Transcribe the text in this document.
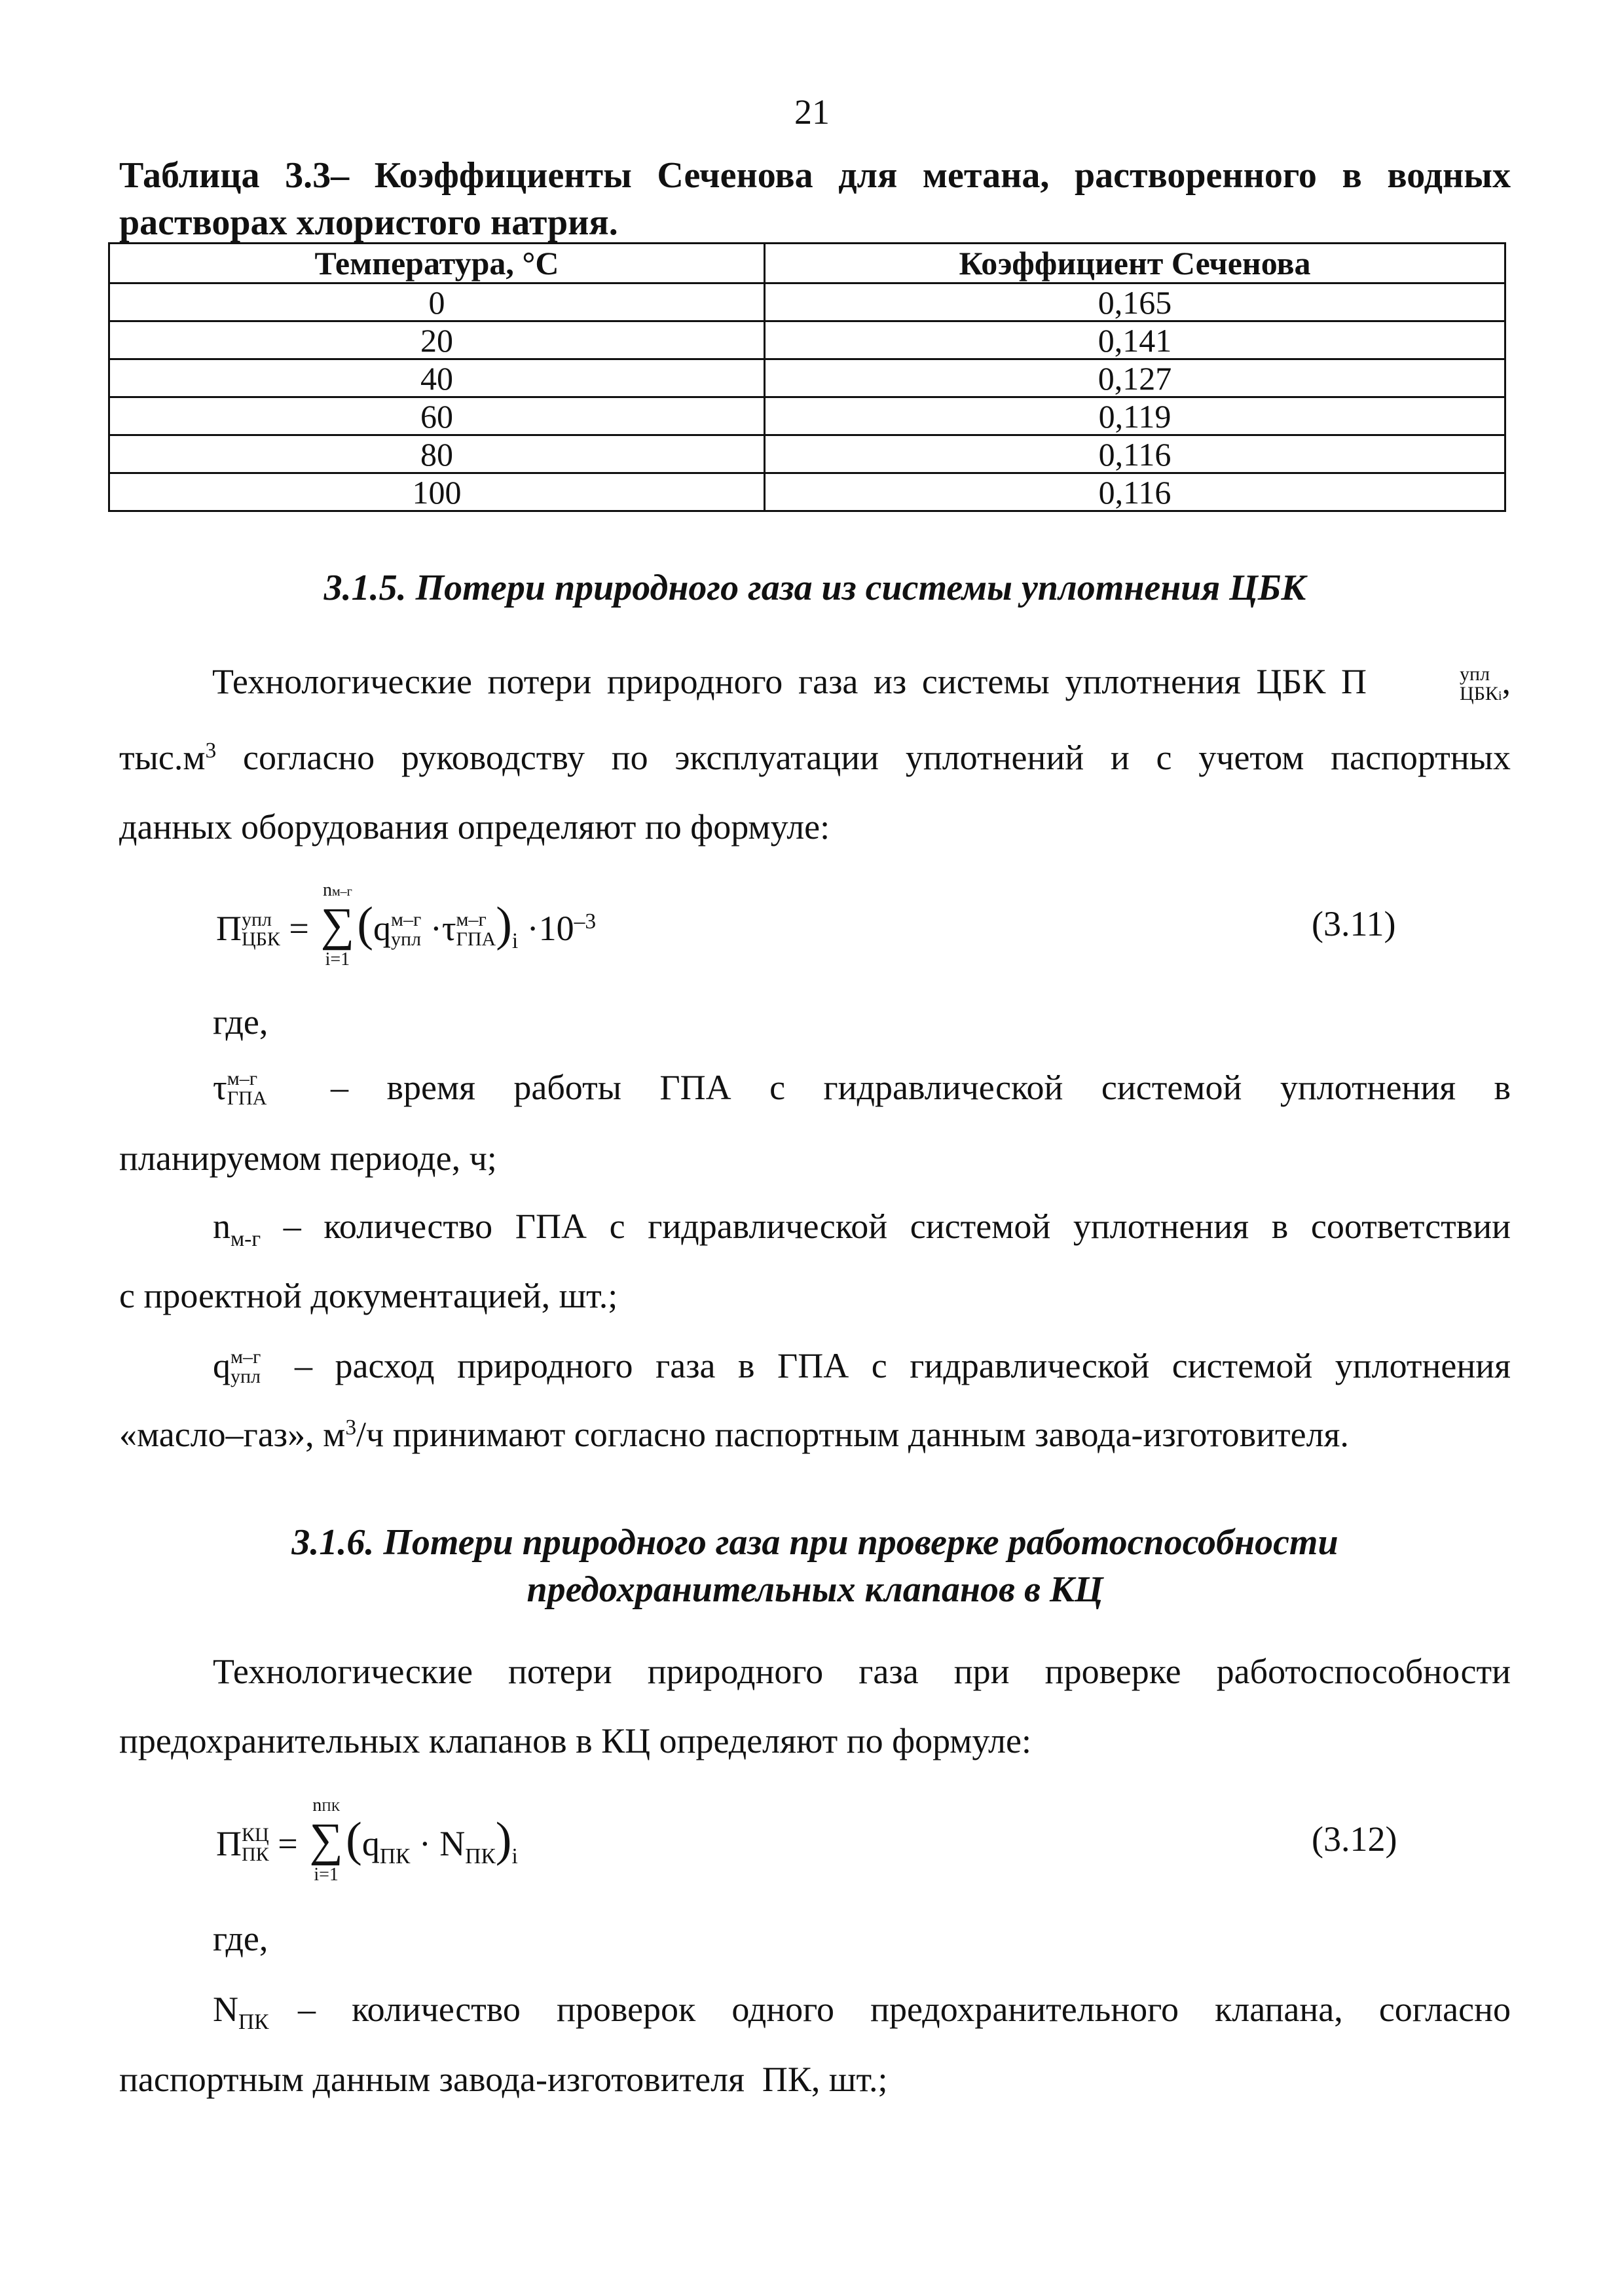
21
Таблица 3.3– Коэффициенты Сеченова для метана, растворенного в водных
растворах хлористого натрия.
Температура, °С	Коэффициент Сеченова
0	0,165
20	0,141
40	0,127
60	0,119
80	0,116
100	0,116
3.1.5. Потери природного газа из системы уплотнения ЦБК
Технологические потери природного газа из системы уплотнения ЦБК П	упл
ЦБКi ,
$тыс.м^3$ согласно руководству по эксплуатации уплотнений и с учетом паспортных
данных оборудования определяют по формуле:
П упл
ЦБК =
nм–г
∑
i=1
(q м–г
упл ·τ м–г
ГПА )$_i \cdot 10^{-3}$	(3.11)
где,
τ м–г
ГПА – время работы ГПА с гидравлической системой уплотнения в
планируемом периоде, ч;
$n_{м-г}$ – количество ГПА с гидравлической системой уплотнения в соответствии
с проектной документацией, шт.;
q м–г
упл – расход природного газа в ГПА с гидравлической системой уплотнения
«масло–газ», $м^3/ч$ принимают согласно паспортным данным завода-изготовителя.
3.1.6. Потери природного газа при проверке работоспособности
предохранительных клапанов в КЦ
Технологические потери природного газа при проверке работоспособности
предохранительных клапанов в КЦ определяют по формуле:
П КЦ
ПК =
nПК
∑
i=1
$(q_{ПК} \cdot N_{ПК})_i$	(3.12)
где,
$N_{ПК}$ – количество проверок одного предохранительного клапана, согласно
паспортным данным завода-изготовителя  ПК, шт.;
